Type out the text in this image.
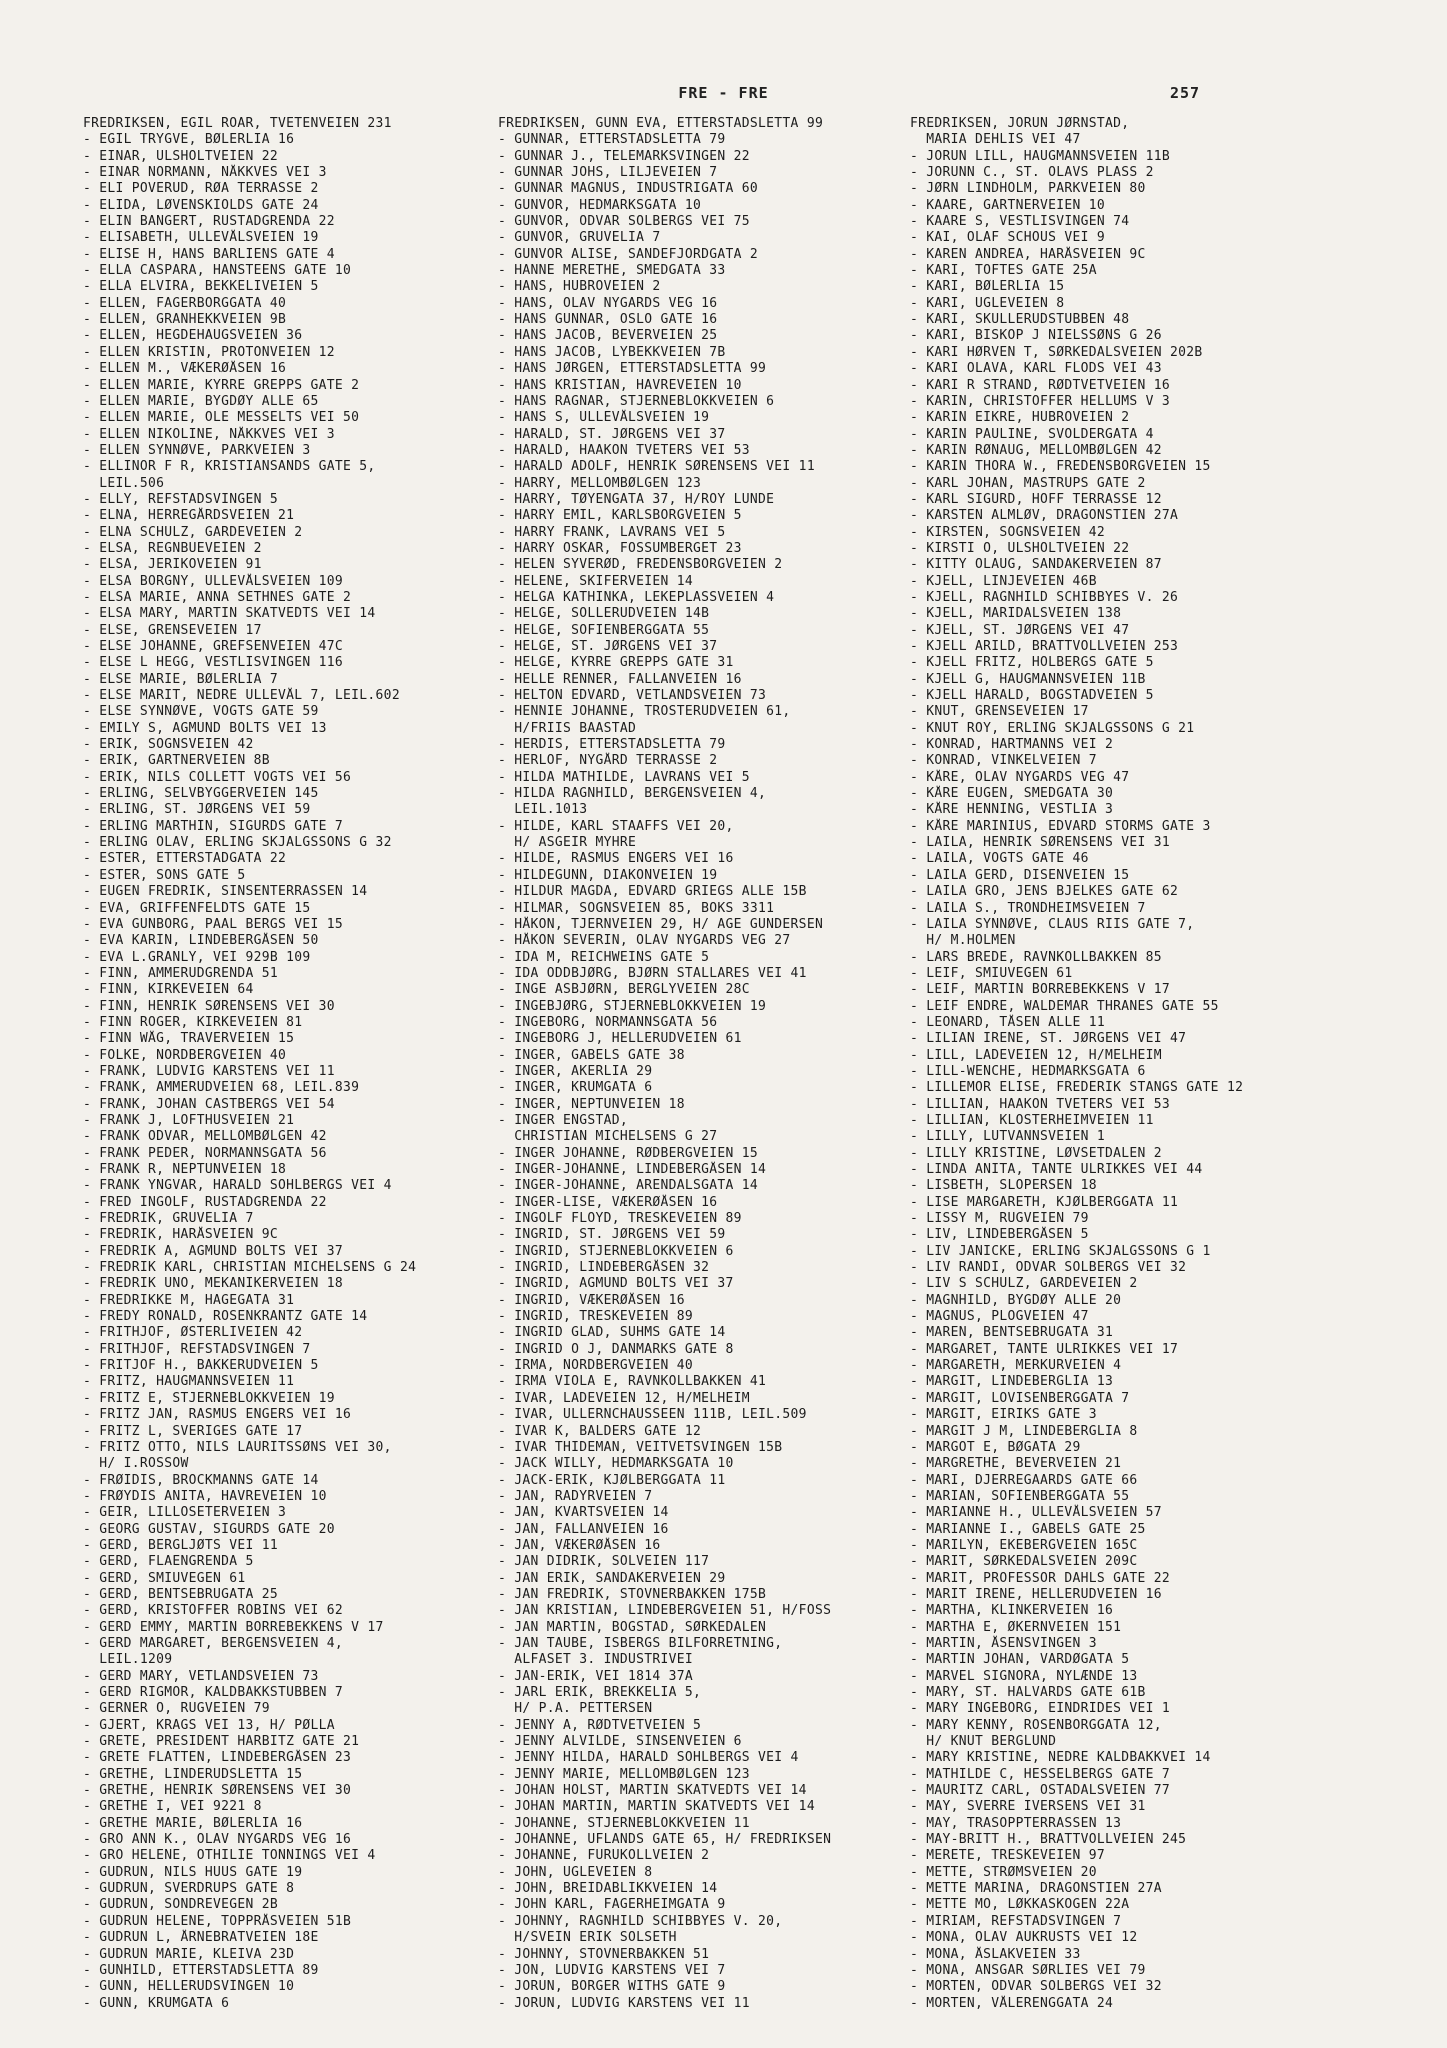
FRE - FRE	257
FREDRIKSEN, EGIL ROAR, TVETENVEIEN 231
- EGIL TRYGVE, BØLERLIA 16
- EINAR, ULSHOLTVEIEN 22
- EINAR NORMANN, NÅKKVES VEI 3
- ELI POVERUD, RØA TERRASSE 2
- ELIDA, LØVENSKIOLDS GATE 24
- ELIN BANGERT, RUSTADGRENDA 22
- ELISABETH, ULLEVÅLSVEIEN 19
- ELISE H, HANS BARLIENS GATE 4
- ELLA CASPARA, HANSTEENS GATE 10
- ELLA ELVIRA, BEKKELIVEIEN 5
- ELLEN, FAGERBORGGATA 40
- ELLEN, GRANHEKKVEIEN 9B
- ELLEN, HEGDEHAUGSVEIEN 36
- ELLEN KRISTIN, PROTONVEIEN 12
- ELLEN M., VÆKERØÅSEN 16
- ELLEN MARIE, KYRRE GREPPS GATE 2
- ELLEN MARIE, BYGDØY ALLE 65
- ELLEN MARIE, OLE MESSELTS VEI 50
- ELLEN NIKOLINE, NÅKKVES VEI 3
- ELLEN SYNNØVE, PARKVEIEN 3
- ELLINOR F R, KRISTIANSANDS GATE 5,
LEIL.506
- ELLY, REFSTADSVINGEN 5
- ELNA, HERREGÅRDSVEIEN 21
- ELNA SCHULZ, GARDEVEIEN 2
- ELSA, REGNBUEVEIEN 2
- ELSA, JERIKOVEIEN 91
- ELSA BORGNY, ULLEVÅLSVEIEN 109
- ELSA MARIE, ANNA SETHNES GATE 2
- ELSA MARY, MARTIN SKATVEDTS VEI 14
- ELSE, GRENSEVEIEN 17
- ELSE JOHANNE, GREFSENVEIEN 47C
- ELSE L HEGG, VESTLISVINGEN 116
- ELSE MARIE, BØLERLIA 7
- ELSE MARIT, NEDRE ULLEVÅL 7, LEIL.602
- ELSE SYNNØVE, VOGTS GATE 59
- EMILY S, AGMUND BOLTS VEI 13
- ERIK, SOGNSVEIEN 42
- ERIK, GARTNERVEIEN 8B
- ERIK, NILS COLLETT VOGTS VEI 56
- ERLING, SELVBYGGERVEIEN 145
- ERLING, ST. JØRGENS VEI 59
- ERLING MARTHIN, SIGURDS GATE 7
- ERLING OLAV, ERLING SKJALGSSONS G 32
- ESTER, ETTERSTADGATA 22
- ESTER, SONS GATE 5
- EUGEN FREDRIK, SINSENTERRASSEN 14
- EVA, GRIFFENFELDTS GATE 15
- EVA GUNBORG, PAAL BERGS VEI 15
- EVA KARIN, LINDEBERGÅSEN 50
- EVA L.GRANLY, VEI 929B 109
- FINN, AMMERUDGRENDA 51
- FINN, KIRKEVEIEN 64
- FINN, HENRIK SØRENSENS VEI 30
- FINN ROGER, KIRKEVEIEN 81
- FINN WÅG, TRAVERVEIEN 15
- FOLKE, NORDBERGVEIEN 40
- FRANK, LUDVIG KARSTENS VEI 11
- FRANK, AMMERUDVEIEN 68, LEIL.839
- FRANK, JOHAN CASTBERGS VEI 54
- FRANK J, LOFTHUSVEIEN 21
- FRANK ODVAR, MELLOMBØLGEN 42
- FRANK PEDER, NORMANNSGATA 56
- FRANK R, NEPTUNVEIEN 18
- FRANK YNGVAR, HARALD SOHLBERGS VEI 4
- FRED INGOLF, RUSTADGRENDA 22
- FREDRIK, GRUVELIA 7
- FREDRIK, HARÅSVEIEN 9C
- FREDRIK A, AGMUND BOLTS VEI 37
- FREDRIK KARL, CHRISTIAN MICHELSENS G 24
- FREDRIK UNO, MEKANIKERVEIEN 18
- FREDRIKKE M, HAGEGATA 31
- FREDY RONALD, ROSENKRANTZ GATE 14
- FRITHJOF, ØSTERLIVEIEN 42
- FRITHJOF, REFSTADSVINGEN 7
- FRITJOF H., BAKKERUDVEIEN 5
- FRITZ, HAUGMANNSVEIEN 11
- FRITZ E, STJERNEBLOKKVEIEN 19
- FRITZ JAN, RASMUS ENGERS VEI 16
- FRITZ L, SVERIGES GATE 17
- FRITZ OTTO, NILS LAURITSSØNS VEI 30,
H/ I.ROSSOW
- FRØIDIS, BROCKMANNS GATE 14
- FRØYDIS ANITA, HAVREVEIEN 10
- GEIR, LILLOSETERVEIEN 3
- GEORG GUSTAV, SIGURDS GATE 20
- GERD, BERGLJØTS VEI 11
- GERD, FLAENGRENDA 5
- GERD, SMIUVEGEN 61
- GERD, BENTSEBRUGATA 25
- GERD, KRISTOFFER ROBINS VEI 62
- GERD EMMY, MARTIN BORREBEKKENS V 17
- GERD MARGARET, BERGENSVEIEN 4,
LEIL.1209
- GERD MARY, VETLANDSVEIEN 73
- GERD RIGMOR, KALDBAKKSTUBBEN 7
- GERNER O, RUGVEIEN 79
- GJERT, KRAGS VEI 13, H/ PØLLA
- GRETE, PRESIDENT HARBITZ GATE 21
- GRETE FLATTEN, LINDEBERGÅSEN 23
- GRETHE, LINDERUDSLETTA 15
- GRETHE, HENRIK SØRENSENS VEI 30
- GRETHE I, VEI 9221 8
- GRETHE MARIE, BØLERLIA 16
- GRO ANN K., OLAV NYGARDS VEG 16
- GRO HELENE, OTHILIE TONNINGS VEI 4
- GUDRUN, NILS HUUS GATE 19
- GUDRUN, SVERDRUPS GATE 8
- GUDRUN, SONDREVEGEN 2B
- GUDRUN HELENE, TOPPRÅSVEIEN 51B
- GUDRUN L, ÅRNEBRATVEIEN 18E
- GUDRUN MARIE, KLEIVA 23D
- GUNHILD, ETTERSTADSLETTA 89
- GUNN, HELLERUDSVINGEN 10
- GUNN, KRUMGATA 6
FREDRIKSEN, GUNN EVA, ETTERSTADSLETTA 99
- GUNNAR, ETTERSTADSLETTA 79
- GUNNAR J., TELEMARKSVINGEN 22
- GUNNAR JOHS, LILJEVEIEN 7
- GUNNAR MAGNUS, INDUSTRIGATA 60
- GUNVOR, HEDMARKSGATA 10
- GUNVOR, ODVAR SOLBERGS VEI 75
- GUNVOR, GRUVELIA 7
- GUNVOR ALISE, SANDEFJORDGATA 2
- HANNE MERETHE, SMEDGATA 33
- HANS, HUBROVEIEN 2
- HANS, OLAV NYGARDS VEG 16
- HANS GUNNAR, OSLO GATE 16
- HANS JACOB, BEVERVEIEN 25
- HANS JACOB, LYBEKKVEIEN 7B
- HANS JØRGEN, ETTERSTADSLETTA 99
- HANS KRISTIAN, HAVREVEIEN 10
- HANS RAGNAR, STJERNEBLOKKVEIEN 6
- HANS S, ULLEVÅLSVEIEN 19
- HARALD, ST. JØRGENS VEI 37
- HARALD, HAAKON TVETERS VEI 53
- HARALD ADOLF, HENRIK SØRENSENS VEI 11
- HARRY, MELLOMBØLGEN 123
- HARRY, TØYENGATA 37, H/ROY LUNDE
- HARRY EMIL, KARLSBORGVEIEN 5
- HARRY FRANK, LAVRANS VEI 5
- HARRY OSKAR, FOSSUMBERGET 23
- HELEN SYVERØD, FREDENSBORGVEIEN 2
- HELENE, SKIFERVEIEN 14
- HELGA KATHINKA, LEKEPLASSVEIEN 4
- HELGE, SOLLERUDVEIEN 14B
- HELGE, SOFIENBERGGATA 55
- HELGE, ST. JØRGENS VEI 37
- HELGE, KYRRE GREPPS GATE 31
- HELLE RENNER, FALLANVEIEN 16
- HELTON EDVARD, VETLANDSVEIEN 73
- HENNIE JOHANNE, TROSTERUDVEIEN 61,
H/FRIIS BAASTAD
- HERDIS, ETTERSTADSLETTA 79
- HERLOF, NYGÅRD TERRASSE 2
- HILDA MATHILDE, LAVRANS VEI 5
- HILDA RAGNHILD, BERGENSVEIEN 4,
LEIL.1013
- HILDE, KARL STAAFFS VEI 20,
H/ ASGEIR MYHRE
- HILDE, RASMUS ENGERS VEI 16
- HILDEGUNN, DIAKONVEIEN 19
- HILDUR MAGDA, EDVARD GRIEGS ALLE 15B
- HILMAR, SOGNSVEIEN 85, BOKS 3311
- HÅKON, TJERNVEIEN 29, H/ AGE GUNDERSEN
- HÅKON SEVERIN, OLAV NYGARDS VEG 27
- IDA M, REICHWEINS GATE 5
- IDA ODDBJØRG, BJØRN STALLARES VEI 41
- INGE ASBJØRN, BERGLYVEIEN 28C
- INGEBJØRG, STJERNEBLOKKVEIEN 19
- INGEBORG, NORMANNSGATA 56
- INGEBORG J, HELLERUDVEIEN 61
- INGER, GABELS GATE 38
- INGER, AKERLIA 29
- INGER, KRUMGATA 6
- INGER, NEPTUNVEIEN 18
- INGER ENGSTAD,
CHRISTIAN MICHELSENS G 27
- INGER JOHANNE, RØDBERGVEIEN 15
- INGER-JOHANNE, LINDEBERGÅSEN 14
- INGER-JOHANNE, ARENDALSGATA 14
- INGER-LISE, VÆKERØÅSEN 16
- INGOLF FLOYD, TRESKEVEIEN 89
- INGRID, ST. JØRGENS VEI 59
- INGRID, STJERNEBLOKKVEIEN 6
- INGRID, LINDEBERGÅSEN 32
- INGRID, AGMUND BOLTS VEI 37
- INGRID, VÆKERØÅSEN 16
- INGRID, TRESKEVEIEN 89
- INGRID GLAD, SUHMS GATE 14
- INGRID O J, DANMARKS GATE 8
- IRMA, NORDBERGVEIEN 40
- IRMA VIOLA E, RAVNKOLLBAKKEN 41
- IVAR, LADEVEIEN 12, H/MELHEIM
- IVAR, ULLERNCHAUSSEEN 111B, LEIL.509
- IVAR K, BALDERS GATE 12
- IVAR THIDEMAN, VEITVETSVINGEN 15B
- JACK WILLY, HEDMARKSGATA 10
- JACK-ERIK, KJØLBERGGATA 11
- JAN, RADYRVEIEN 7
- JAN, KVARTSVEIEN 14
- JAN, FALLANVEIEN 16
- JAN, VÆKERØÅSEN 16
- JAN DIDRIK, SOLVEIEN 117
- JAN ERIK, SANDAKERVEIEN 29
- JAN FREDRIK, STOVNERBAKKEN 175B
- JAN KRISTIAN, LINDEBERGVEIEN 51, H/FOSS
- JAN MARTIN, BOGSTAD, SØRKEDALEN
- JAN TAUBE, ISBERGS BILFORRETNING,
ALFASET 3. INDUSTRIVEI
- JAN-ERIK, VEI 1814 37A
- JARL ERIK, BREKKELIA 5,
H/ P.A. PETTERSEN
- JENNY A, RØDTVETVEIEN 5
- JENNY ALVILDE, SINSENVEIEN 6
- JENNY HILDA, HARALD SOHLBERGS VEI 4
- JENNY MARIE, MELLOMBØLGEN 123
- JOHAN HOLST, MARTIN SKATVEDTS VEI 14
- JOHAN MARTIN, MARTIN SKATVEDTS VEI 14
- JOHANNE, STJERNEBLOKKVEIEN 11
- JOHANNE, UFLANDS GATE 65, H/ FREDRIKSEN
- JOHANNE, FURUKOLLVEIEN 2
- JOHN, UGLEVEIEN 8
- JOHN, BREIDABLIKKVEIEN 14
- JOHN KARL, FAGERHEIMGATA 9
- JOHNNY, RAGNHILD SCHIBBYES V. 20,
H/SVEIN ERIK SOLSETH
- JOHNNY, STOVNERBAKKEN 51
- JON, LUDVIG KARSTENS VEI 7
- JORUN, BORGER WITHS GATE 9
- JORUN, LUDVIG KARSTENS VEI 11
FREDRIKSEN, JORUN JØRNSTAD,
MARIA DEHLIS VEI 47
- JORUN LILL, HAUGMANNSVEIEN 11B
- JORUNN C., ST. OLAVS PLASS 2
- JØRN LINDHOLM, PARKVEIEN 80
- KAARE, GARTNERVEIEN 10
- KAARE S, VESTLISVINGEN 74
- KAI, OLAF SCHOUS VEI 9
- KAREN ANDREA, HARÅSVEIEN 9C
- KARI, TOFTES GATE 25A
- KARI, BØLERLIA 15
- KARI, UGLEVEIEN 8
- KARI, SKULLERUDSTUBBEN 48
- KARI, BISKOP J NIELSSØNS G 26
- KARI HØRVEN T, SØRKEDALSVEIEN 202B
- KARI OLAVA, KARL FLODS VEI 43
- KARI R STRAND, RØDTVETVEIEN 16
- KARIN, CHRISTOFFER HELLUMS V 3
- KARIN EIKRE, HUBROVEIEN 2
- KARIN PAULINE, SVOLDERGATA 4
- KARIN RØNAUG, MELLOMBØLGEN 42
- KARIN THORA W., FREDENSBORGVEIEN 15
- KARL JOHAN, MASTRUPS GATE 2
- KARL SIGURD, HOFF TERRASSE 12
- KARSTEN ALMLØV, DRAGONSTIEN 27A
- KIRSTEN, SOGNSVEIEN 42
- KIRSTI O, ULSHOLTVEIEN 22
- KITTY OLAUG, SANDAKERVEIEN 87
- KJELL, LINJEVEIEN 46B
- KJELL, RAGNHILD SCHIBBYES V. 26
- KJELL, MARIDALSVEIEN 138
- KJELL, ST. JØRGENS VEI 47
- KJELL ARILD, BRATTVOLLVEIEN 253
- KJELL FRITZ, HOLBERGS GATE 5
- KJELL G, HAUGMANNSVEIEN 11B
- KJELL HARALD, BOGSTADVEIEN 5
- KNUT, GRENSEVEIEN 17
- KNUT ROY, ERLING SKJALGSSONS G 21
- KONRAD, HARTMANNS VEI 2
- KONRAD, VINKELVEIEN 7
- KÅRE, OLAV NYGARDS VEG 47
- KÅRE EUGEN, SMEDGATA 30
- KÅRE HENNING, VESTLIA 3
- KÅRE MARINIUS, EDVARD STORMS GATE 3
- LAILA, HENRIK SØRENSENS VEI 31
- LAILA, VOGTS GATE 46
- LAILA GERD, DISENVEIEN 15
- LAILA GRO, JENS BJELKES GATE 62
- LAILA S., TRONDHEIMSVEIEN 7
- LAILA SYNNØVE, CLAUS RIIS GATE 7,
H/ M.HOLMEN
- LARS BREDE, RAVNKOLLBAKKEN 85
- LEIF, SMIUVEGEN 61
- LEIF, MARTIN BORREBEKKENS V 17
- LEIF ENDRE, WALDEMAR THRANES GATE 55
- LEONARD, TÅSEN ALLE 11
- LILIAN IRENE, ST. JØRGENS VEI 47
- LILL, LADEVEIEN 12, H/MELHEIM
- LILL-WENCHE, HEDMARKSGATA 6
- LILLEMOR ELISE, FREDERIK STANGS GATE 12
- LILLIAN, HAAKON TVETERS VEI 53
- LILLIAN, KLOSTERHEIMVEIEN 11
- LILLY, LUTVANNSVEIEN 1
- LILLY KRISTINE, LØVSETDALEN 2
- LINDA ANITA, TANTE ULRIKKES VEI 44
- LISBETH, SLOPERSEN 18
- LISE MARGARETH, KJØLBERGGATA 11
- LISSY M, RUGVEIEN 79
- LIV, LINDEBERGÅSEN 5
- LIV JANICKE, ERLING SKJALGSSONS G 1
- LIV RANDI, ODVAR SOLBERGS VEI 32
- LIV S SCHULZ, GARDEVEIEN 2
- MAGNHILD, BYGDØY ALLE 20
- MAGNUS, PLOGVEIEN 47
- MAREN, BENTSEBRUGATA 31
- MARGARET, TANTE ULRIKKES VEI 17
- MARGARETH, MERKURVEIEN 4
- MARGIT, LINDEBERGLIA 13
- MARGIT, LOVISENBERGGATA 7
- MARGIT, EIRIKS GATE 3
- MARGIT J M, LINDEBERGLIA 8
- MARGOT E, BØGATA 29
- MARGRETHE, BEVERVEIEN 21
- MARI, DJERREGAARDS GATE 66
- MARIAN, SOFIENBERGGATA 55
- MARIANNE H., ULLEVÅLSVEIEN 57
- MARIANNE I., GABELS GATE 25
- MARILYN, EKEBERGVEIEN 165C
- MARIT, SØRKEDALSVEIEN 209C
- MARIT, PROFESSOR DAHLS GATE 22
- MARIT IRENE, HELLERUDVEIEN 16
- MARTHA, KLINKERVEIEN 16
- MARTHA E, ØKERNVEIEN 151
- MARTIN, ÅSENSVINGEN 3
- MARTIN JOHAN, VARDØGATA 5
- MARVEL SIGNORA, NYLÆNDE 13
- MARY, ST. HALVARDS GATE 61B
- MARY INGEBORG, EINDRIDES VEI 1
- MARY KENNY, ROSENBORGGATA 12,
H/ KNUT BERGLUND
- MARY KRISTINE, NEDRE KALDBAKKVEI 14
- MATHILDE C, HESSELBERGS GATE 7
- MAURITZ CARL, OSTADALSVEIEN 77
- MAY, SVERRE IVERSENS VEI 31
- MAY, TRASOPPTERRASSEN 13
- MAY-BRITT H., BRATTVOLLVEIEN 245
- MERETE, TRESKEVEIEN 97
- METTE, STRØMSVEIEN 20
- METTE MARINA, DRAGONSTIEN 27A
- METTE MO, LØKKASKOGEN 22A
- MIRIAM, REFSTADSVINGEN 7
- MONA, OLAV AUKRUSTS VEI 12
- MONA, ÅSLAKVEIEN 33
- MONA, ANSGAR SØRLIES VEI 79
- MORTEN, ODVAR SOLBERGS VEI 32
- MORTEN, VÅLERENGGATA 24
